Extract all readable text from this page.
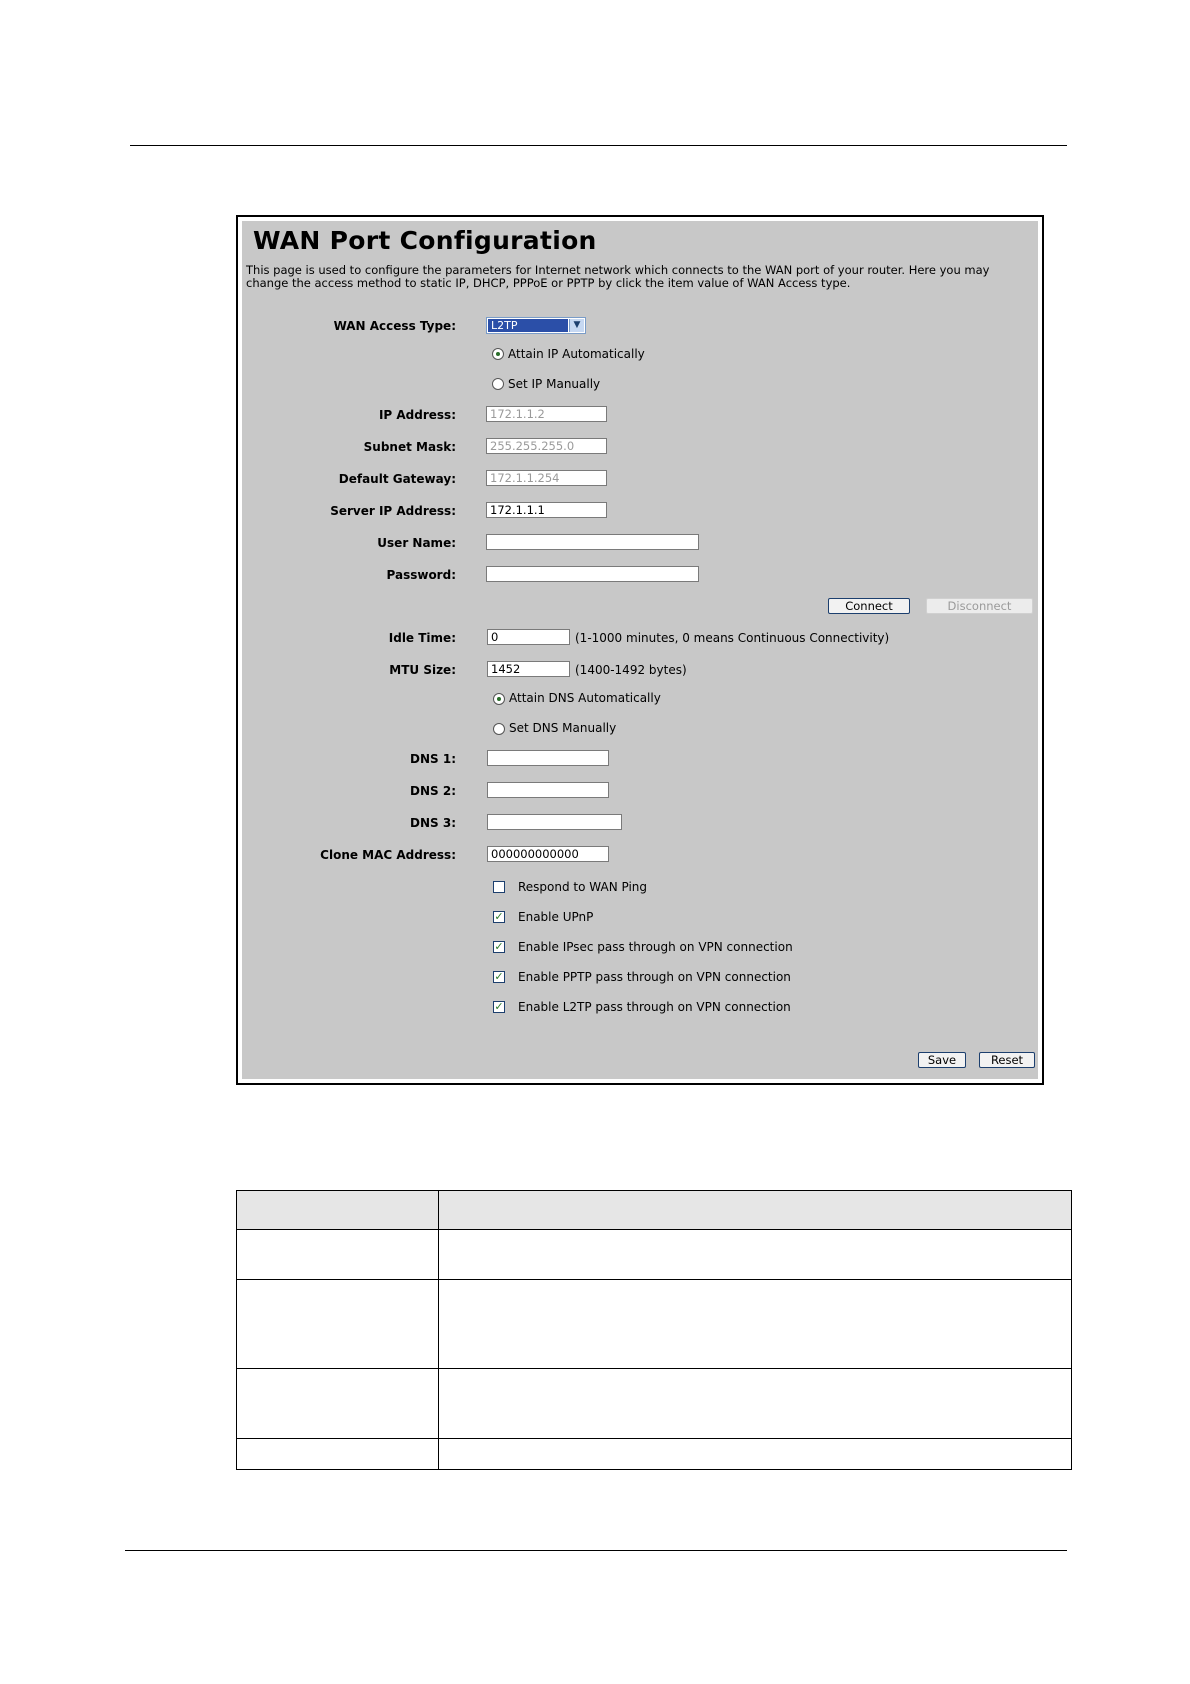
WAN Port Configuration
This page is used to configure the parameters for Internet network which connects to the WAN port of your router. Here you may change the access method to static IP, DHCP, PPPoE or PPTP by click the item value of WAN Access type.
WAN Access Type:	L2TP	▼
Attain IP Automatically
Set IP Manually
IP Address:	172.1.1.2
Subnet Mask:	255.255.255.0
Default Gateway:	172.1.1.254
Server IP Address:	172.1.1.1
User Name:
Password:
Connect	Disconnect
Idle Time:	0	(1-1000 minutes, 0 means Continuous Connectivity)
MTU Size:	1452	(1400-1492 bytes)
Attain DNS Automatically
Set DNS Manually
DNS 1:
DNS 2:
DNS 3:
Clone MAC Address:	000000000000
Respond to WAN Ping
✓ Enable UPnP
✓ Enable IPsec pass through on VPN connection
✓ Enable PPTP pass through on VPN connection
✓ Enable L2TP pass through on VPN connection
Save	Reset
